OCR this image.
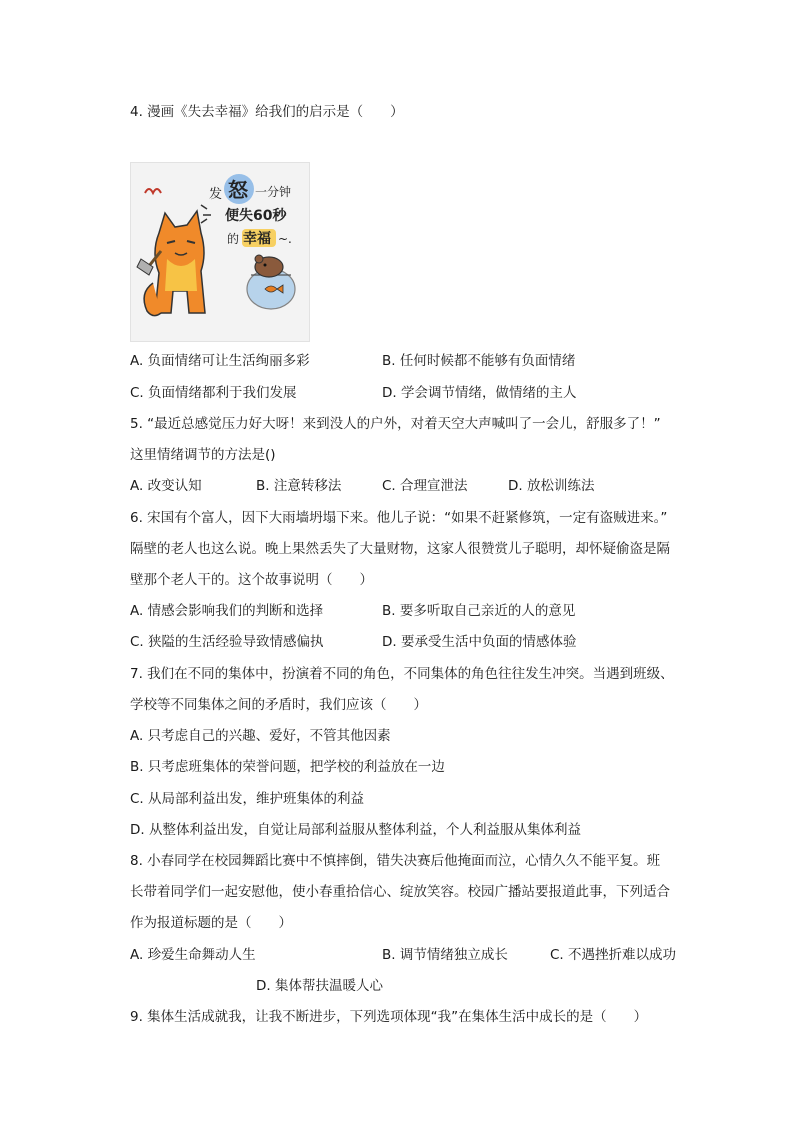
4. 漫画《失去幸福》给我们的启示是（　　）
发 怒 一分钟
便失60秒
的 幸福 ~.
A. 负面情绪可让生活绚丽多彩	B. 任何时候都不能够有负面情绪
C. 负面情绪都利于我们发展	D. 学会调节情绪，做情绪的主人
5. “最近总感觉压力好大呀！来到没人的户外，对着天空大声喊叫了一会儿，舒服多了！”
这里情绪调节的方法是()
A. 改变认知	B. 注意转移法	C. 合理宣泄法	D. 放松训练法
6. 宋国有个富人，因下大雨墙坍塌下来。他儿子说：“如果不赶紧修筑，一定有盗贼进来。”
隔壁的老人也这么说。晚上果然丢失了大量财物，这家人很赞赏儿子聪明，却怀疑偷盗是隔
壁那个老人干的。这个故事说明（　　）
A. 情感会影响我们的判断和选择	B. 要多听取自己亲近的人的意见
C. 狭隘的生活经验导致情感偏执	D. 要承受生活中负面的情感体验
7. 我们在不同的集体中，扮演着不同的角色，不同集体的角色往往发生冲突。当遇到班级、
学校等不同集体之间的矛盾时，我们应该（　　）
A. 只考虑自己的兴趣、爱好，不管其他因素
B. 只考虑班集体的荣誉问题，把学校的利益放在一边
C. 从局部利益出发，维护班集体的利益
D. 从整体利益出发，自觉让局部利益服从整体利益，个人利益服从集体利益
8. 小春同学在校园舞蹈比赛中不慎摔倒，错失决赛后他掩面而泣，心情久久不能平复。班
长带着同学们一起安慰他，使小春重拾信心、绽放笑容。校园广播站要报道此事，下列适合
作为报道标题的是（　　）
A. 珍爱生命舞动人生	B. 调节情绪独立成长	C. 不遇挫折难以成功
D. 集体帮扶温暖人心
9. 集体生活成就我，让我不断进步，下列选项体现“我”在集体生活中成长的是（　　）
